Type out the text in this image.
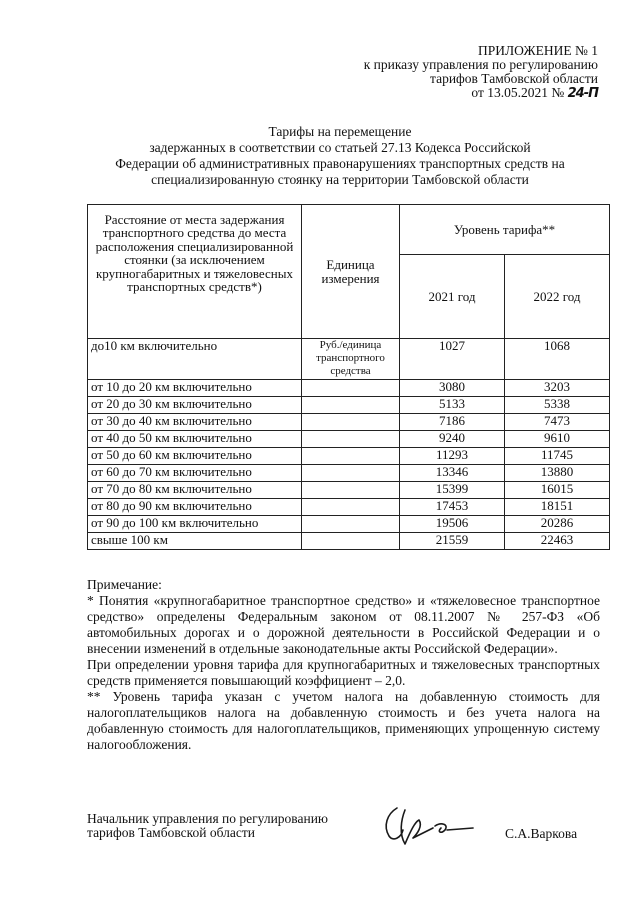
ПРИЛОЖЕНИЕ № 1
к приказу управления по регулированию
тарифов Тамбовской области
от 13.05.2021 № 24-П
Тарифы на перемещение
задержанных в соответствии со статьей 27.13 Кодекса Российской
Федерации об административных правонарушениях транспортных средств на
специализированную стоянку на территории Тамбовской области
Расстояние от места задержания транспортного средства до места расположения специализированной стоянки (за исключением крупногабаритных и тяжеловесных транспортных средств*)	Единица измерения	Уровень тарифа**	
		2021 год	2022 год
до10 км включительно	Руб./единица транспортного средства	1027	1068
от 10 до 20 км включительно		3080	3203
от 20 до 30 км включительно		5133	5338
от 30 до 40 км включительно		7186	7473
от 40 до 50 км включительно		9240	9610
от 50 до 60 км включительно		11293	11745
от 60 до 70 км включительно		13346	13880
от 70 до 80 км включительно		15399	16015
от 80 до 90 км включительно		17453	18151
от 90 до 100 км включительно		19506	20286
свыше 100 км		21559	22463

Примечание:

* Понятия «крупногабаритное транспортное средство» и «тяжеловесное транспортное средство» определены Федеральным законом от 08.11.2007 № 257-ФЗ «Об автомобильных дорогах и о дорожной деятельности в Российской Федерации и о внесении изменений в отдельные законодательные акты Российской Федерации».

При определении уровня тарифа для крупногабаритных и тяжеловесных транспортных средств применяется повышающий коэффициент – 2,0.

** Уровень тарифа указан с учетом налога на добавленную стоимость для налогоплательщиков налога на добавленную стоимость и без учета налога на добавленную стоимость для налогоплательщиков, применяющих упрощенную систему налогообложения.

Начальник управления по регулированию
тарифов Тамбовской области	С.А.Варкова
